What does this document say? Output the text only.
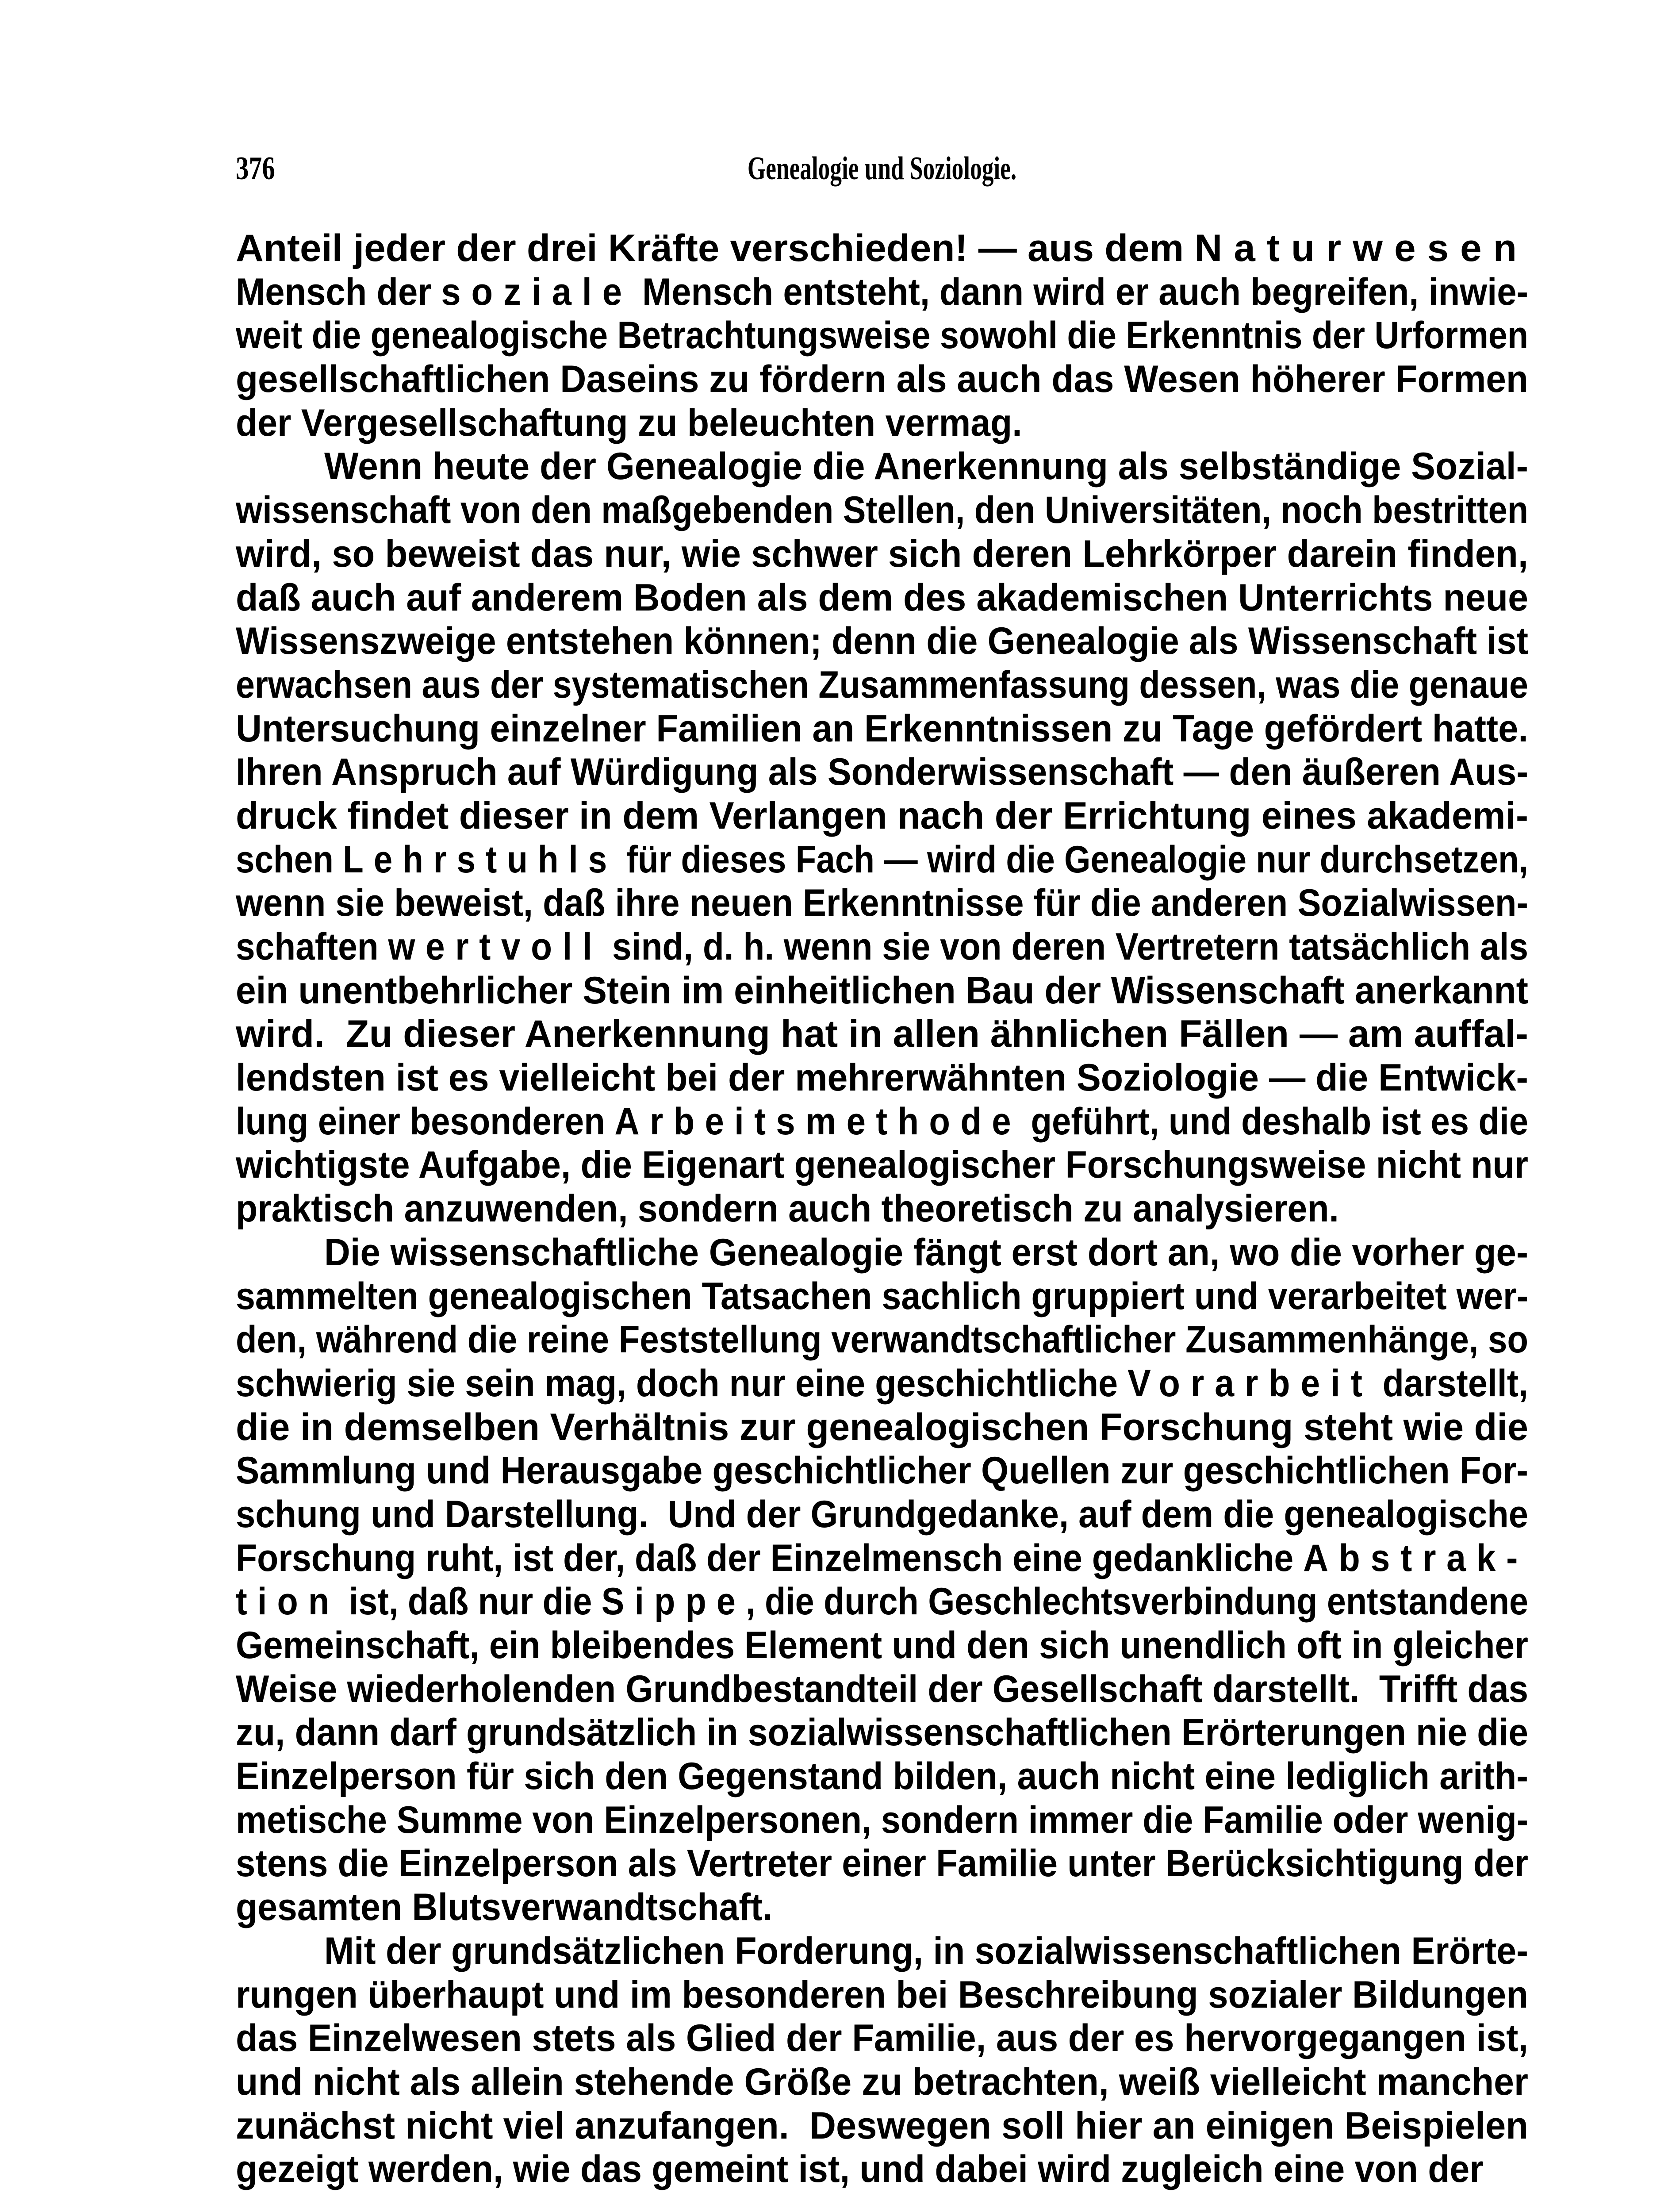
376	Genealogie und Soziologie.
Anteil jeder der drei Kräfte verschieden! — aus dem Naturwesen
Mensch der soziale Mensch entsteht, dann wird er auch begreifen, inwie-
weit die genealogische Betrachtungsweise sowohl die Erkenntnis der Urformen
gesellschaftlichen Daseins zu fördern als auch das Wesen höherer Formen
der Vergesellschaftung zu beleuchten vermag.
Wenn heute der Genealogie die Anerkennung als selbständige Sozial-
wissenschaft von den maßgebenden Stellen, den Universitäten, noch bestritten
wird, so beweist das nur, wie schwer sich deren Lehrkörper darein finden,
daß auch auf anderem Boden als dem des akademischen Unterrichts neue
Wissenszweige entstehen können; denn die Genealogie als Wissenschaft ist
erwachsen aus der systematischen Zusammenfassung dessen, was die genaue
Untersuchung einzelner Familien an Erkenntnissen zu Tage gefördert hatte.
Ihren Anspruch auf Würdigung als Sonderwissenschaft — den äußeren Aus-
druck findet dieser in dem Verlangen nach der Errichtung eines akademi-
schen Lehrstuhls für dieses Fach — wird die Genealogie nur durchsetzen,
wenn sie beweist, daß ihre neuen Erkenntnisse für die anderen Sozialwissen-
schaften wertvoll sind, d. h. wenn sie von deren Vertretern tatsächlich als
ein unentbehrlicher Stein im einheitlichen Bau der Wissenschaft anerkannt
wird.  Zu dieser Anerkennung hat in allen ähnlichen Fällen — am auffal-
lendsten ist es vielleicht bei der mehrerwähnten Soziologie — die Entwick-
lung einer besonderen Arbeitsmethode geführt, und deshalb ist es die
wichtigste Aufgabe, die Eigenart genealogischer Forschungsweise nicht nur
praktisch anzuwenden, sondern auch theoretisch zu analysieren.
Die wissenschaftliche Genealogie fängt erst dort an, wo die vorher ge-
sammelten genealogischen Tatsachen sachlich gruppiert und verarbeitet wer-
den, während die reine Feststellung verwandtschaftlicher Zusammenhänge, so
schwierig sie sein mag, doch nur eine geschichtliche Vorarbeit darstellt,
die in demselben Verhältnis zur genealogischen Forschung steht wie die
Sammlung und Herausgabe geschichtlicher Quellen zur geschichtlichen For-
schung und Darstellung.  Und der Grundgedanke, auf dem die genealogische
Forschung ruht, ist der, daß der Einzelmensch eine gedankliche Abstrak-
tion ist, daß nur die Sippe, die durch Geschlechtsverbindung entstandene
Gemeinschaft, ein bleibendes Element und den sich unendlich oft in gleicher
Weise wiederholenden Grundbestandteil der Gesellschaft darstellt.  Trifft das
zu, dann darf grundsätzlich in sozialwissenschaftlichen Erörterungen nie die
Einzelperson für sich den Gegenstand bilden, auch nicht eine lediglich arith-
metische Summe von Einzelpersonen, sondern immer die Familie oder wenig-
stens die Einzelperson als Vertreter einer Familie unter Berücksichtigung der
gesamten Blutsverwandtschaft.
Mit der grundsätzlichen Forderung, in sozialwissenschaftlichen Erörte-
rungen überhaupt und im besonderen bei Beschreibung sozialer Bildungen
das Einzelwesen stets als Glied der Familie, aus der es hervorgegangen ist,
und nicht als allein stehende Größe zu betrachten, weiß vielleicht mancher
zunächst nicht viel anzufangen.  Deswegen soll hier an einigen Beispielen
gezeigt werden, wie das gemeint ist, und dabei wird zugleich eine von der
